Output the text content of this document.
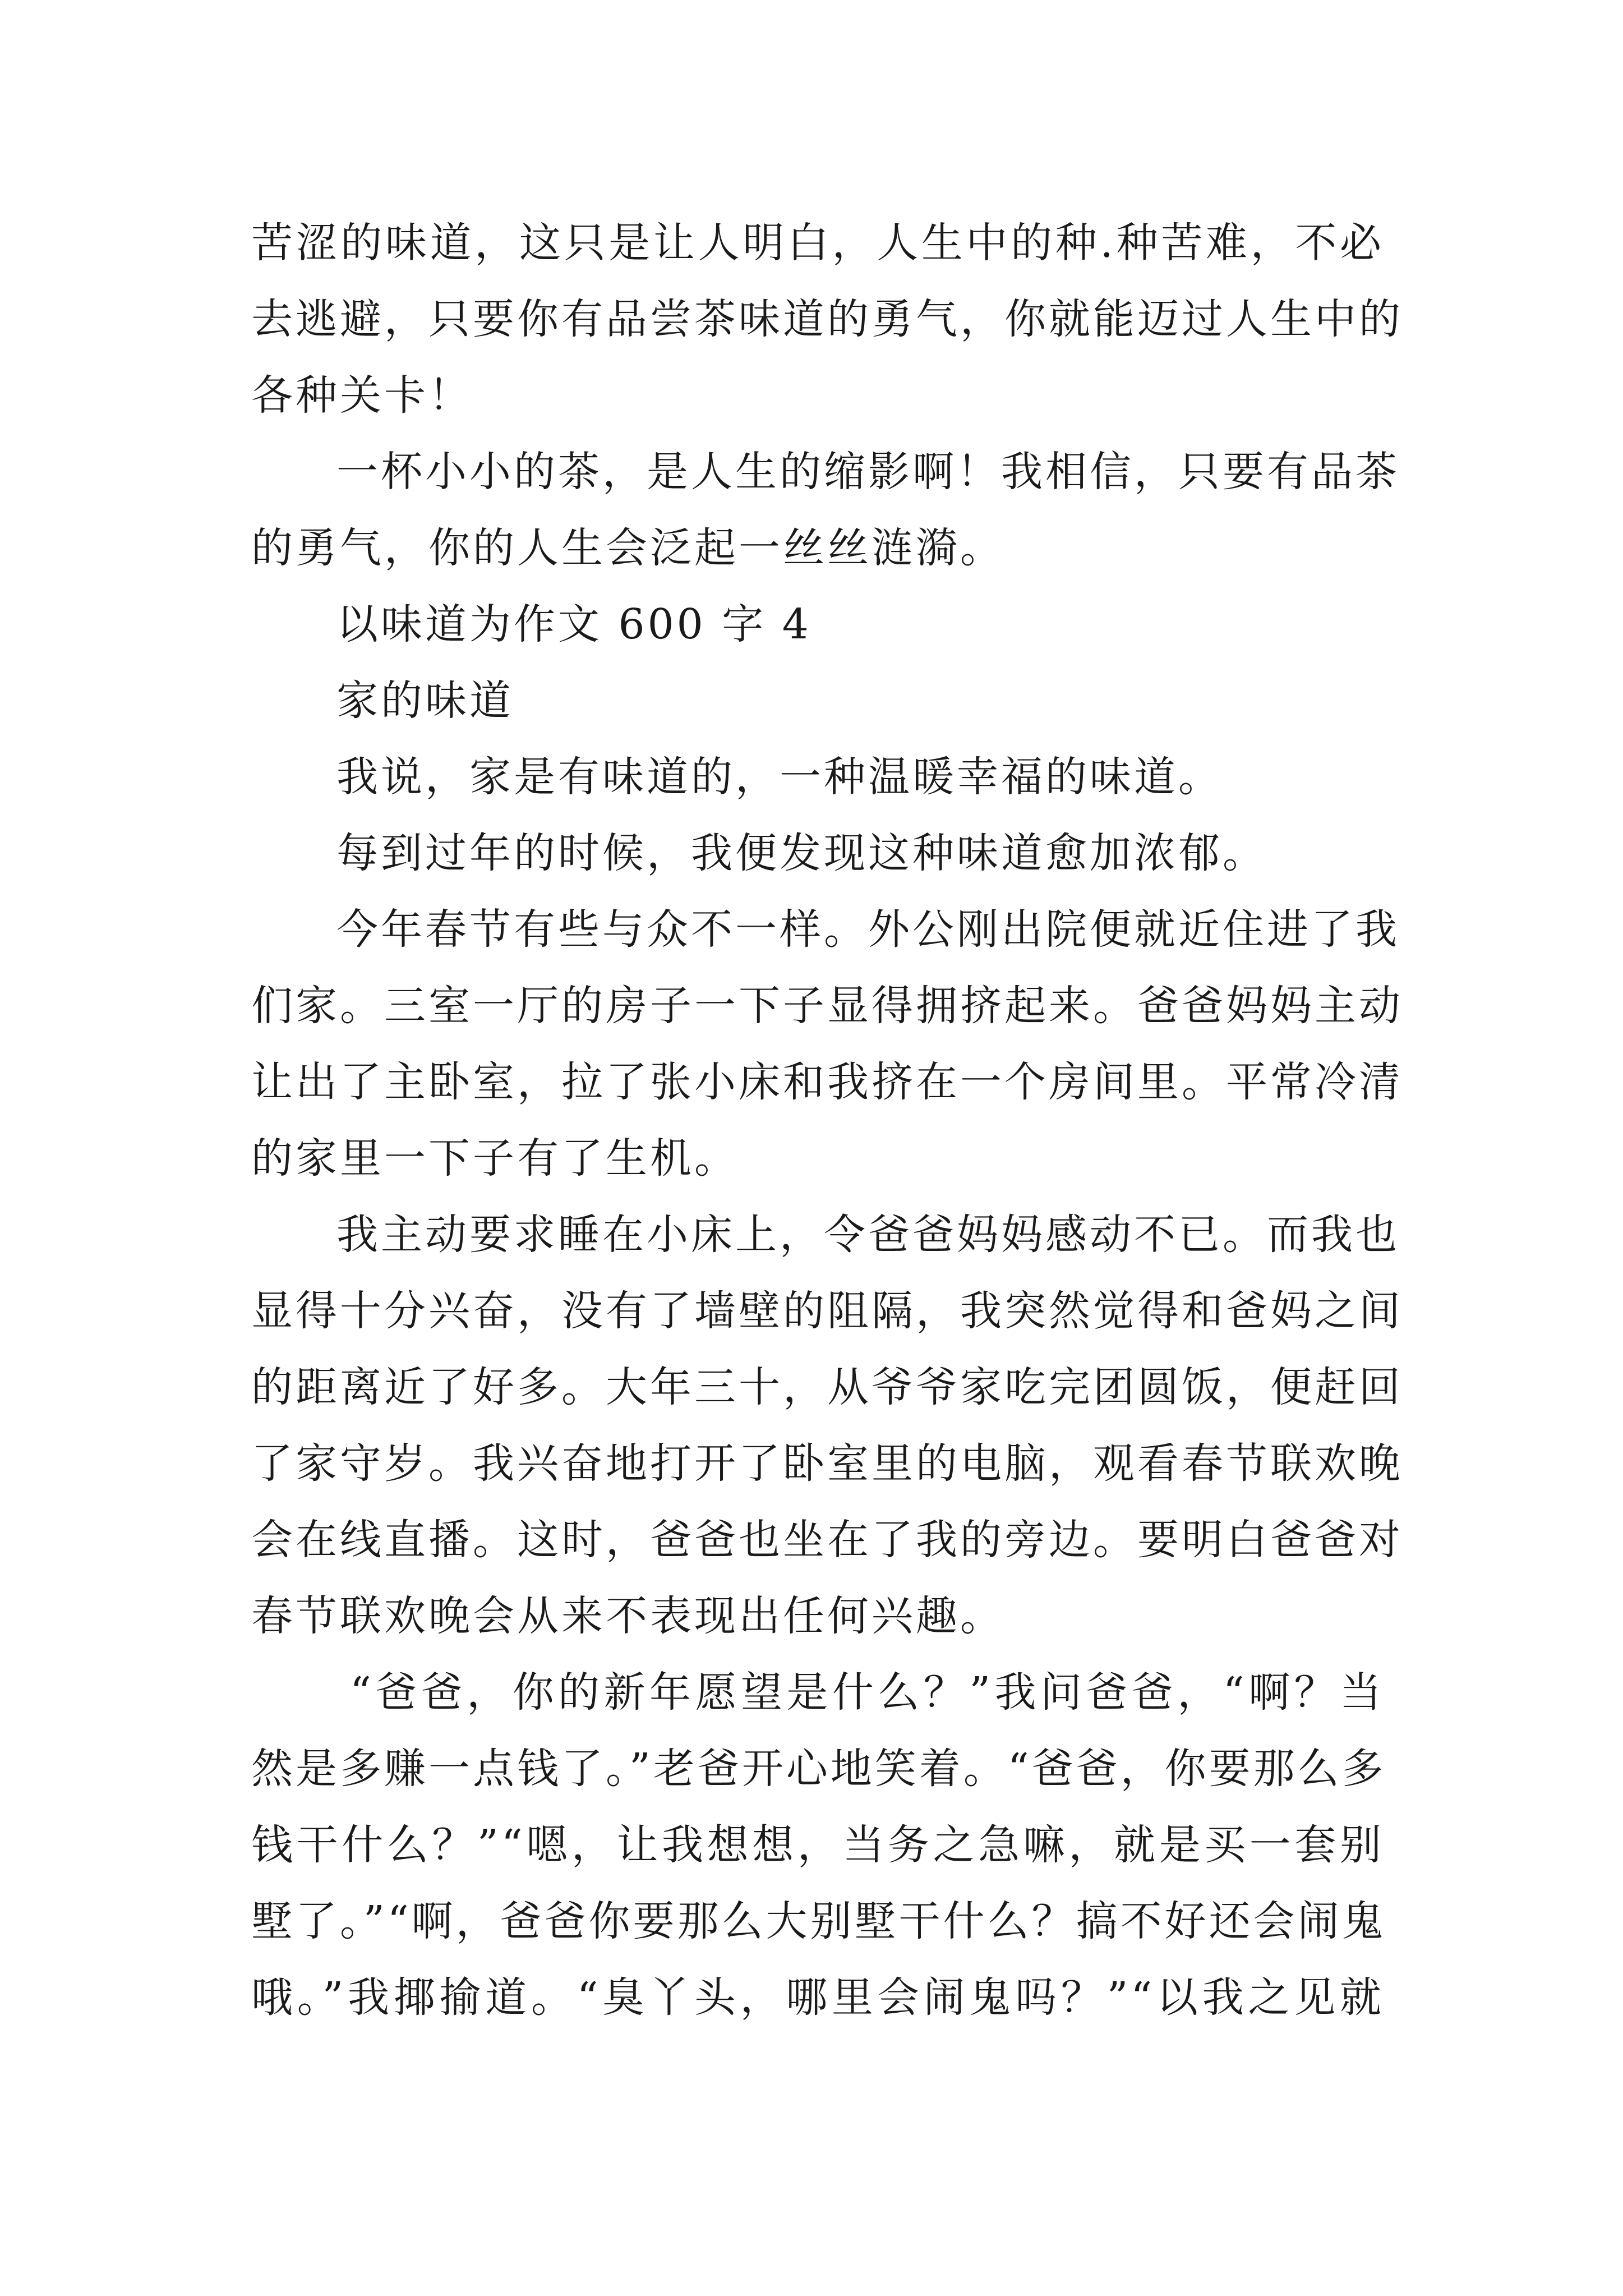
苦涩的味道，这只是让人明白，人生中的种.种苦难，不必
去逃避，只要你有品尝茶味道的勇气，你就能迈过人生中的
各种关卡！
一杯小小的茶，是人生的缩影啊！我相信，只要有品茶
的勇气，你的人生会泛起一丝丝涟漪。
以味道为作文 600 字 4
家的味道
我说，家是有味道的，一种温暖幸福的味道。
每到过年的时候，我便发现这种味道愈加浓郁。
今年春节有些与众不一样。外公刚出院便就近住进了我
们家。三室一厅的房子一下子显得拥挤起来。爸爸妈妈主动
让出了主卧室，拉了张小床和我挤在一个房间里。平常冷清
的家里一下子有了生机。
我主动要求睡在小床上，令爸爸妈妈感动不已。而我也
显得十分兴奋，没有了墙壁的阻隔，我突然觉得和爸妈之间
的距离近了好多。大年三十，从爷爷家吃完团圆饭，便赶回
了家守岁。我兴奋地打开了卧室里的电脑，观看春节联欢晚
会在线直播。这时，爸爸也坐在了我的旁边。要明白爸爸对
春节联欢晚会从来不表现出任何兴趣。
“爸爸，你的新年愿望是什么？”我问爸爸，“啊？当
然是多赚一点钱了。”老爸开心地笑着。“爸爸，你要那么多
钱干什么？”“嗯，让我想想，当务之急嘛，就是买一套别
墅了。”“啊，爸爸你要那么大别墅干什么？搞不好还会闹鬼
哦。”我揶揄道。“臭丫头，哪里会闹鬼吗？”“以我之见就
